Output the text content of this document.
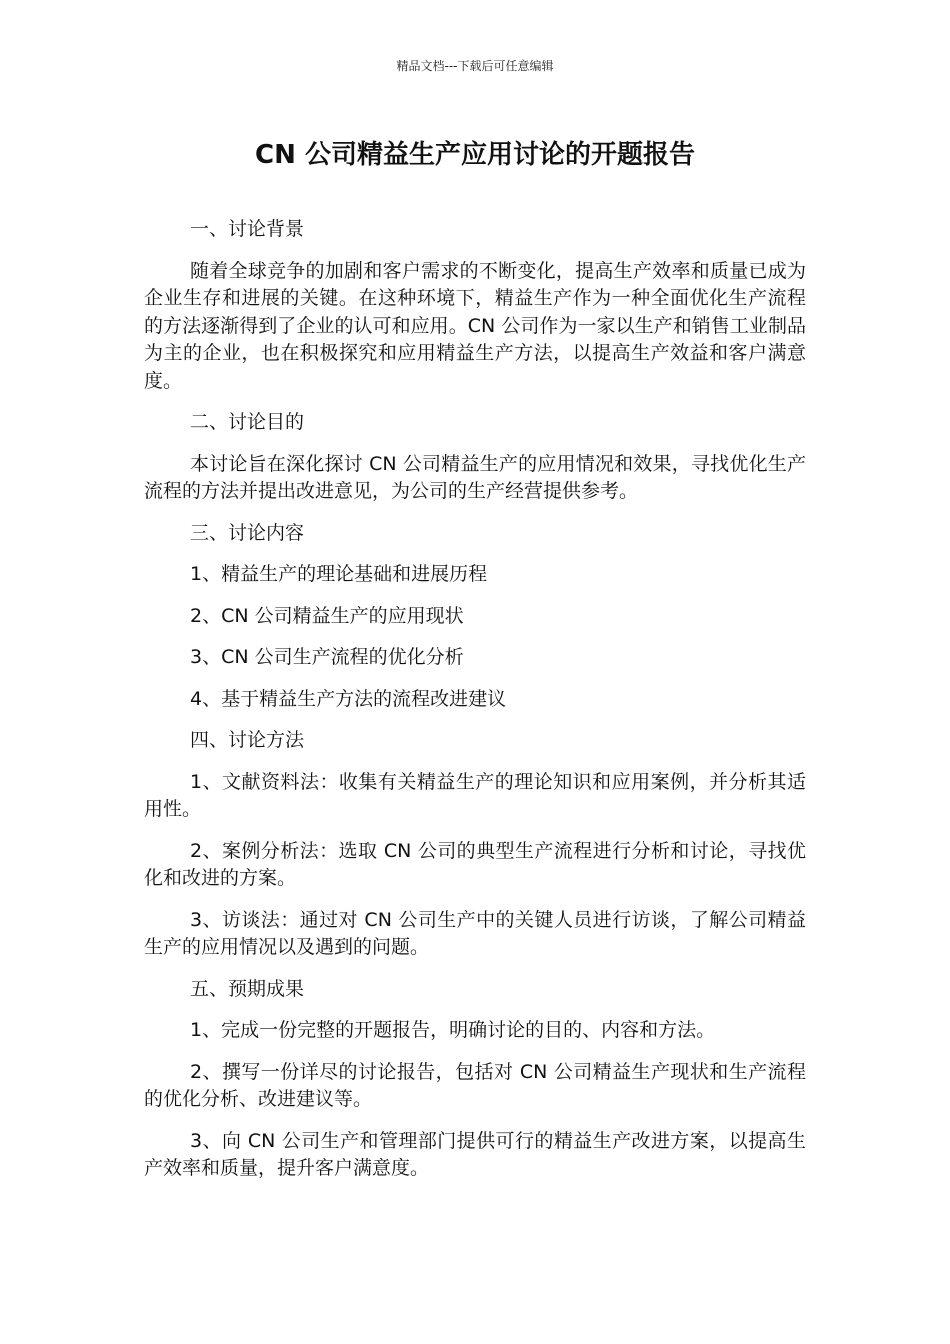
精品文档---下载后可任意编辑
CN 公司精益生产应用讨论的开题报告

一、讨论背景

随着全球竞争的加剧和客户需求的不断变化，提高生产效率和质量已成为企业生存和进展的关键。在这种环境下，精益生产作为一种全面优化生产流程的方法逐渐得到了企业的认可和应用。CN 公司作为一家以生产和销售工业制品为主的企业，也在积极探究和应用精益生产方法，以提高生产效益和客户满意度。

二、讨论目的

本讨论旨在深化探讨 CN 公司精益生产的应用情况和效果，寻找优化生产流程的方法并提出改进意见，为公司的生产经营提供参考。

三、讨论内容

1、精益生产的理论基础和进展历程

2、CN 公司精益生产的应用现状

3、CN 公司生产流程的优化分析

4、基于精益生产方法的流程改进建议

四、讨论方法

1、文献资料法：收集有关精益生产的理论知识和应用案例，并分析其适用性。

2、案例分析法：选取 CN 公司的典型生产流程进行分析和讨论，寻找优化和改进的方案。

3、访谈法：通过对 CN 公司生产中的关键人员进行访谈，了解公司精益生产的应用情况以及遇到的问题。

五、预期成果

1、完成一份完整的开题报告，明确讨论的目的、内容和方法。

2、撰写一份详尽的讨论报告，包括对 CN 公司精益生产现状和生产流程的优化分析、改进建议等。

3、向 CN 公司生产和管理部门提供可行的精益生产改进方案，以提高生产效率和质量，提升客户满意度。
